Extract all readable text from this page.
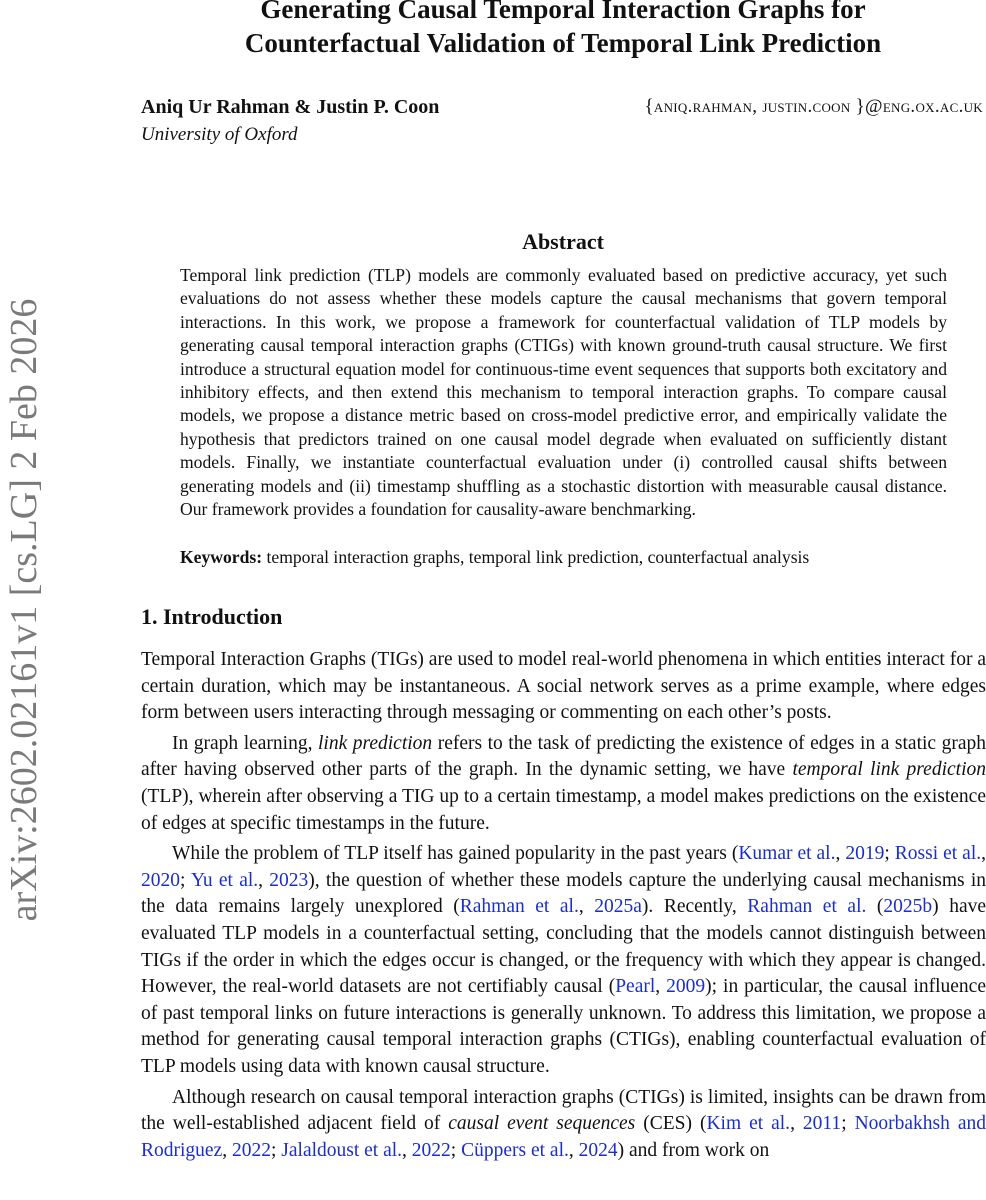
arXiv:2602.02161v1 [cs.LG] 2 Feb 2026
Generating Causal Temporal Interaction Graphs for
Counterfactual Validation of Temporal Link Prediction
Aniq Ur Rahman & Justin P. Coon	{aniq.rahman, justin.coon }@eng.ox.ac.uk
University of Oxford
Abstract

Temporal link prediction (TLP) models are commonly evaluated based on predictive accuracy, yet such evaluations do not assess whether these models capture the causal mechanisms that govern temporal interactions. In this work, we propose a framework for counterfactual validation of TLP models by generating causal temporal interaction graphs (CTIGs) with known ground-truth causal structure. We first introduce a structural equation model for continuous-time event sequences that supports both excitatory and inhibitory effects, and then extend this mechanism to temporal interaction graphs. To compare causal models, we propose a distance metric based on cross-model predictive error, and empirically validate the hypothesis that predictors trained on one causal model degrade when evaluated on sufficiently distant models. Finally, we instantiate counterfactual evaluation under (i) controlled causal shifts between generating models and (ii) timestamp shuffling as a stochastic distortion with measurable causal distance. Our framework provides a foundation for causality-aware benchmarking.

Keywords: temporal interaction graphs, temporal link prediction, counterfactual analysis
1. Introduction

Temporal Interaction Graphs (TIGs) are used to model real-world phenomena in which entities interact for a certain duration, which may be instantaneous. A social network serves as a prime example, where edges form between users interacting through messaging or commenting on each other’s posts.

In graph learning, link prediction refers to the task of predicting the existence of edges in a static graph after having observed other parts of the graph. In the dynamic setting, we have temporal link prediction (TLP), wherein after observing a TIG up to a certain timestamp, a model makes predictions on the existence of edges at specific timestamps in the future.

While the problem of TLP itself has gained popularity in the past years (Kumar et al., 2019; Rossi et al., 2020; Yu et al., 2023), the question of whether these models capture the underlying causal mechanisms in the data remains largely unexplored (Rahman et al., 2025a). Recently, Rahman et al. (2025b) have evaluated TLP models in a counterfactual setting, concluding that the models cannot distinguish between TIGs if the order in which the edges occur is changed, or the frequency with which they appear is changed. However, the real-world datasets are not certifiably causal (Pearl, 2009); in particular, the causal influence of past temporal links on future interactions is generally unknown. To address this limitation, we propose a method for generating causal temporal interaction graphs (CTIGs), enabling counterfactual evaluation of TLP models using data with known causal structure.

Although research on causal temporal interaction graphs (CTIGs) is limited, insights can be drawn from the well-established adjacent field of causal event sequences (CES) (Kim et al., 2011; Noorbakhsh and Rodriguez, 2022; Jalaldoust et al., 2022; Cüppers et al., 2024) and from work on
